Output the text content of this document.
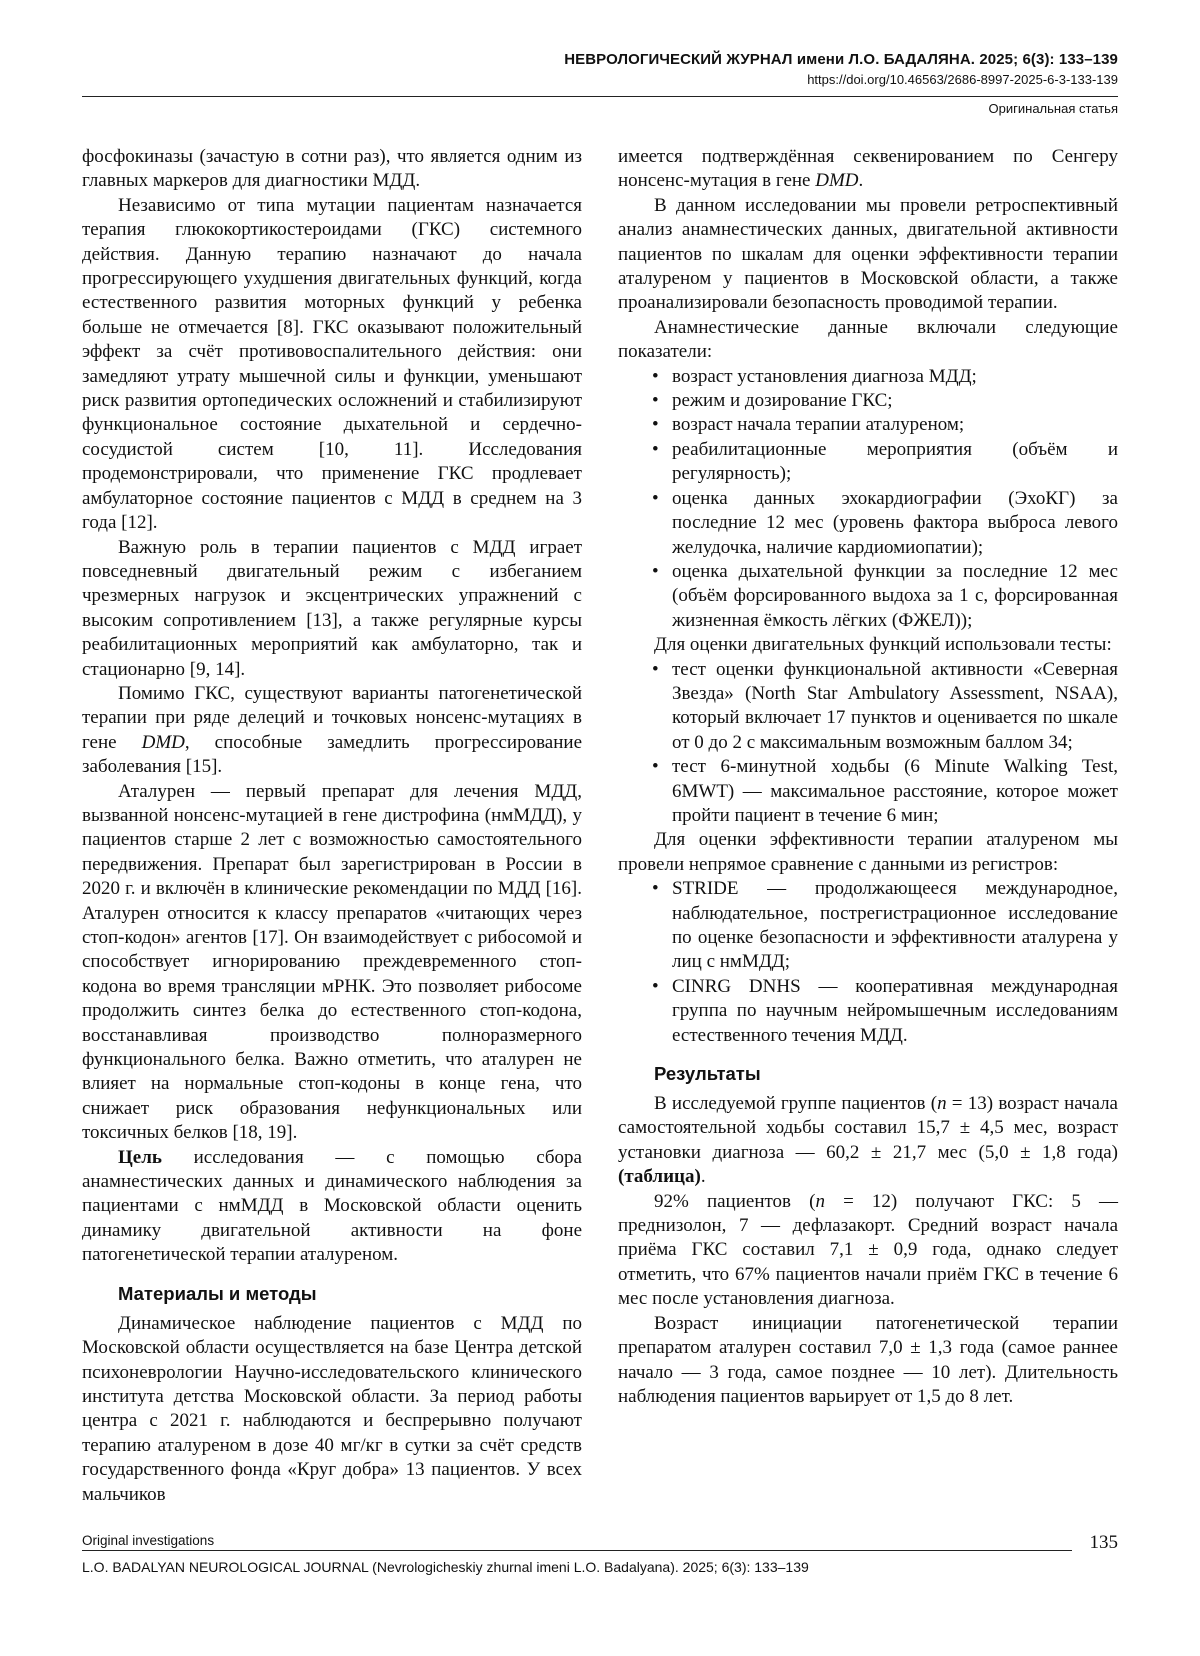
НЕВРОЛОГИЧЕСКИЙ ЖУРНАЛ имени Л.О. БАДАЛЯНА. 2025; 6(3): 133–139
https://doi.org/10.46563/2686-8997-2025-6-3-133-139
Оригинальная статья

фосфокиназы (зачастую в сотни раз), что является одним из главных маркеров для диагностики МДД.

Независимо от типа мутации пациентам назначается терапия глюкокортикостероидами (ГКС) системного действия. Данную терапию назначают до начала прогрессирующего ухудшения двигательных функций, когда естественного развития моторных функций у ребенка больше не отмечается [8]. ГКС оказывают положительный эффект за счёт противовоспалительного действия: они замедляют утрату мышечной силы и функции, уменьшают риск развития ортопедических осложнений и стабилизируют функциональное состояние дыхательной и сердечно-сосудистой систем [10, 11]. Исследования продемонстрировали, что применение ГКС продлевает амбулаторное состояние пациентов с МДД в среднем на 3 года [12].

Важную роль в терапии пациентов с МДД играет повседневный двигательный режим с избеганием чрезмерных нагрузок и эксцентрических упражнений с высоким сопротивлением [13], а также регулярные курсы реабилитационных мероприятий как амбулаторно, так и стационарно [9, 14].

Помимо ГКС, существуют варианты патогенетической терапии при ряде делеций и точковых нонсенс-мутациях в гене DMD, способные замедлить прогрессирование заболевания [15].

Аталурен — первый препарат для лечения МДД, вызванной нонсенс-мутацией в гене дистрофина (нмМДД), у пациентов старше 2 лет с возможностью самостоятельного передвижения. Препарат был зарегистрирован в России в 2020 г. и включён в клинические рекомендации по МДД [16]. Аталурен относится к классу препаратов «читающих через стоп-кодон» агентов [17]. Он взаимодействует с рибосомой и способствует игнорированию преждевременного стоп-кодона во время трансляции мРНК. Это позволяет рибосоме продолжить синтез белка до естественного стоп-кодона, восстанавливая производство полноразмерного функционального белка. Важно отметить, что аталурен не влияет на нормальные стоп-кодоны в конце гена, что снижает риск образования нефункциональных или токсичных белков [18, 19].

Цель исследования — с помощью сбора анамнестических данных и динамического наблюдения за пациентами с нмМДД в Московской области оценить динамику двигательной активности на фоне патогенетической терапии аталуреном.

Материалы и методы

Динамическое наблюдение пациентов с МДД по Московской области осуществляется на базе Центра детской психоневрологии Научно-исследовательского клинического института детства Московской области. За период работы центра с 2021 г. наблюдаются и беспрерывно получают терапию аталуреном в дозе 40 мг/кг в сутки за счёт средств государственного фонда «Круг добра» 13 пациентов. У всех мальчиков

имеется подтверждённая секвенированием по Сенгеру нонсенс-мутация в гене DMD.

В данном исследовании мы провели ретроспективный анализ анамнестических данных, двигательной активности пациентов по шкалам для оценки эффективности терапии аталуреном у пациентов в Московской области, а также проанализировали безопасность проводимой терапии.

Анамнестические данные включали следующие показатели:

• возраст установления диагноза МДД;
• режим и дозирование ГКС;
• возраст начала терапии аталуреном;
• реабилитационные мероприятия (объём и регулярность);
• оценка данных эхокардиографии (ЭхоКГ) за последние 12 мес (уровень фактора выброса левого желудочка, наличие кардиомиопатии);
• оценка дыхательной функции за последние 12 мес (объём форсированного выдоха за 1 с, форсированная жизненная ёмкость лёгких (ФЖЕЛ));

Для оценки двигательных функций использовали тесты:

• тест оценки функциональной активности «Северная Звезда» (North Star Ambulatory Assessment, NSAA), который включает 17 пунктов и оценивается по шкале от 0 до 2 с максимальным возможным баллом 34;
• тест 6-минутной ходьбы (6 Minute Walking Test, 6MWT) — максимальное расстояние, которое может пройти пациент в течение 6 мин;

Для оценки эффективности терапии аталуреном мы провели непрямое сравнение с данными из регистров:

• STRIDE — продолжающееся международное, наблюдательное, пострегистрационное исследование по оценке безопасности и эффективности аталурена у лиц с нмМДД;
• CINRG DNHS — кооперативная международная группа по научным нейромышечным исследованиям естественного течения МДД.
Результаты

В исследуемой группе пациентов (n = 13) возраст начала самостоятельной ходьбы составил 15,7 ± 4,5 мес, возраст установки диагноза — 60,2 ± 21,7 мес (5,0 ± 1,8 года) (таблица).

92% пациентов (n = 12) получают ГКС: 5 — преднизолон, 7 — дефлазакорт. Средний возраст начала приёма ГКС составил 7,1 ± 0,9 года, однако следует отметить, что 67% пациентов начали приём ГКС в течение 6 мес после установления диагноза.

Возраст инициации патогенетической терапии препаратом аталурен составил 7,0 ± 1,3 года (самое раннее начало — 3 года, самое позднее — 10 лет). Длительность наблюдения пациентов варьирует от 1,5 до 8 лет.

Original investigations	135
L.O. BADALYAN NEUROLOGICAL JOURNAL (Nevrologicheskiy zhurnal imeni L.O. Badalyana). 2025; 6(3): 133–139
